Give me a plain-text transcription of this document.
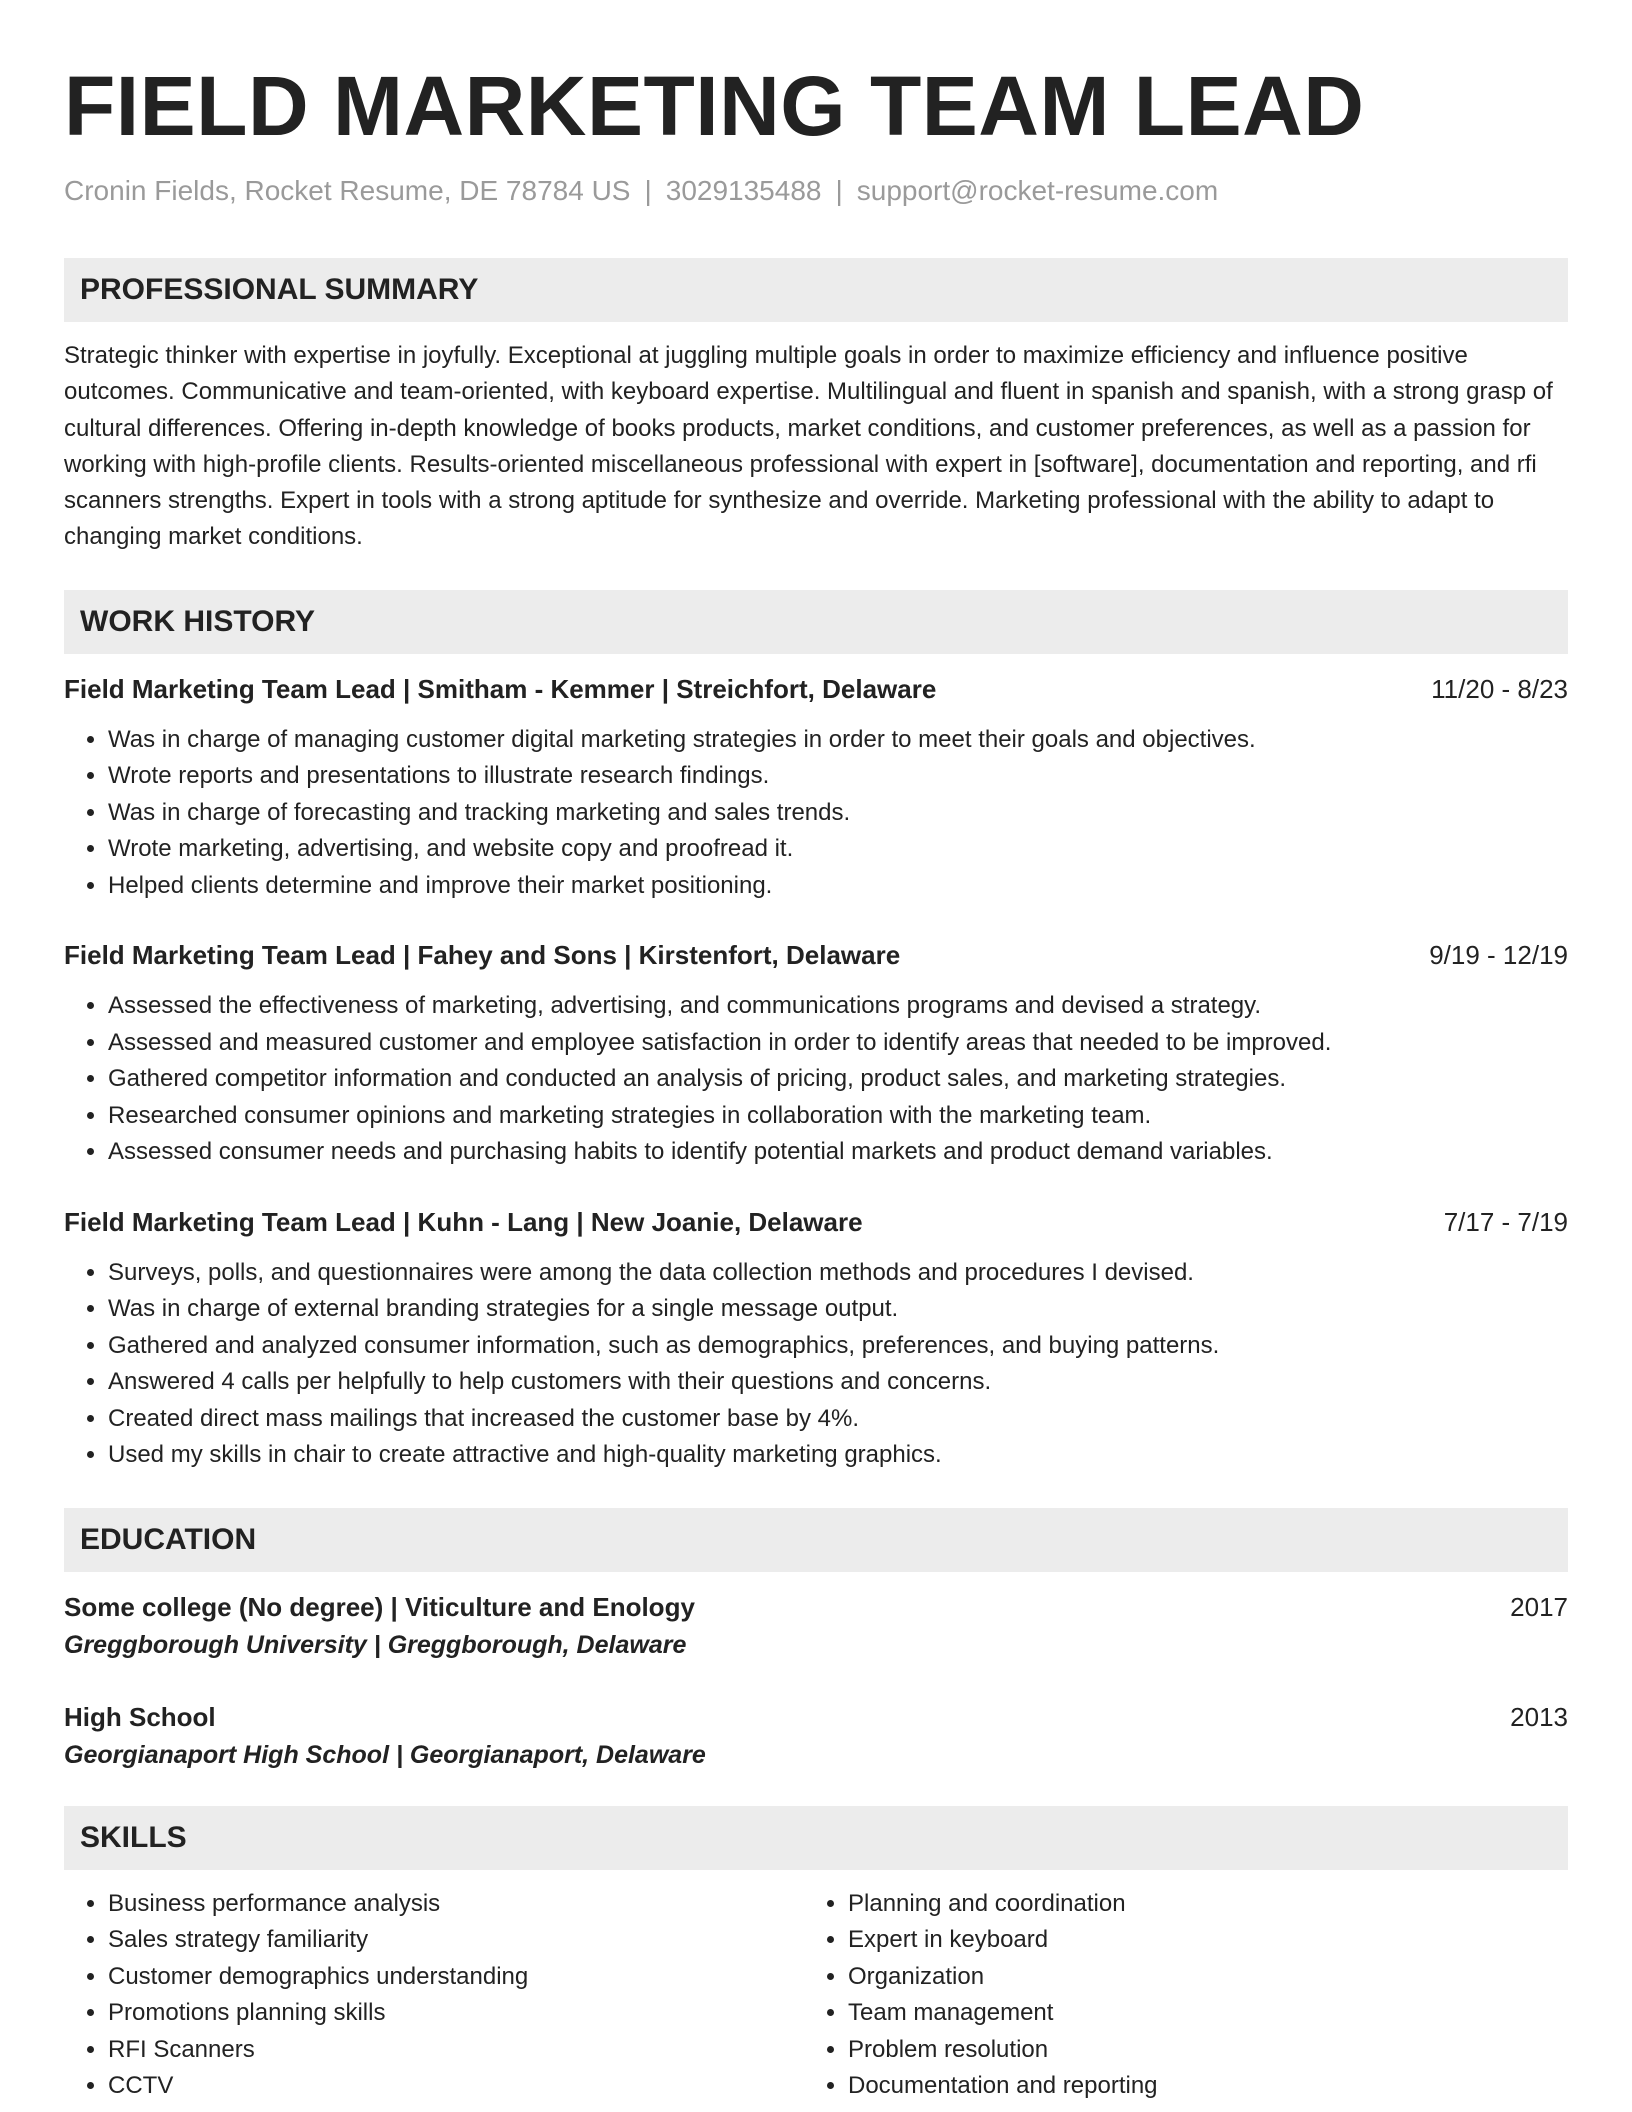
FIELD MARKETING TEAM LEAD
Cronin Fields, Rocket Resume, DE 78784 US | 3029135488 | support@rocket-resume.com
PROFESSIONAL SUMMARY

Strategic thinker with expertise in joyfully. Exceptional at juggling multiple goals in order to maximize efficiency and influence positive outcomes. Communicative and team-oriented, with keyboard expertise. Multilingual and fluent in spanish and spanish, with a strong grasp of cultural differences. Offering in-depth knowledge of books products, market conditions, and customer preferences, as well as a passion for working with high-profile clients. Results-oriented miscellaneous professional with expert in [software], documentation and reporting, and rfi scanners strengths. Expert in tools with a strong aptitude for synthesize and override. Marketing professional with the ability to adapt to changing market conditions.

WORK HISTORY
Field Marketing Team Lead | Smitham - Kemmer | Streichfort, Delaware	11/20 - 8/23
• Was in charge of managing customer digital marketing strategies in order to meet their goals and objectives.
• Wrote reports and presentations to illustrate research findings.
• Was in charge of forecasting and tracking marketing and sales trends.
• Wrote marketing, advertising, and website copy and proofread it.
• Helped clients determine and improve their market positioning.
Field Marketing Team Lead | Fahey and Sons | Kirstenfort, Delaware	9/19 - 12/19
• Assessed the effectiveness of marketing, advertising, and communications programs and devised a strategy.
• Assessed and measured customer and employee satisfaction in order to identify areas that needed to be improved.
• Gathered competitor information and conducted an analysis of pricing, product sales, and marketing strategies.
• Researched consumer opinions and marketing strategies in collaboration with the marketing team.
• Assessed consumer needs and purchasing habits to identify potential markets and product demand variables.
Field Marketing Team Lead | Kuhn - Lang | New Joanie, Delaware	7/17 - 7/19
• Surveys, polls, and questionnaires were among the data collection methods and procedures I devised.
• Was in charge of external branding strategies for a single message output.
• Gathered and analyzed consumer information, such as demographics, preferences, and buying patterns.
• Answered 4 calls per helpfully to help customers with their questions and concerns.
• Created direct mass mailings that increased the customer base by 4%.
• Used my skills in chair to create attractive and high-quality marketing graphics.
EDUCATION
Some college (No degree) | Viticulture and Enology	2017
Greggborough University | Greggborough, Delaware
High School	2013
Georgianaport High School | Georgianaport, Delaware
SKILLS
• Business performance analysis
• Sales strategy familiarity
• Customer demographics understanding
• Promotions planning skills
• RFI Scanners
• CCTV
• Planning and coordination
• Expert in keyboard
• Organization
• Team management
• Problem resolution
• Documentation and reporting
